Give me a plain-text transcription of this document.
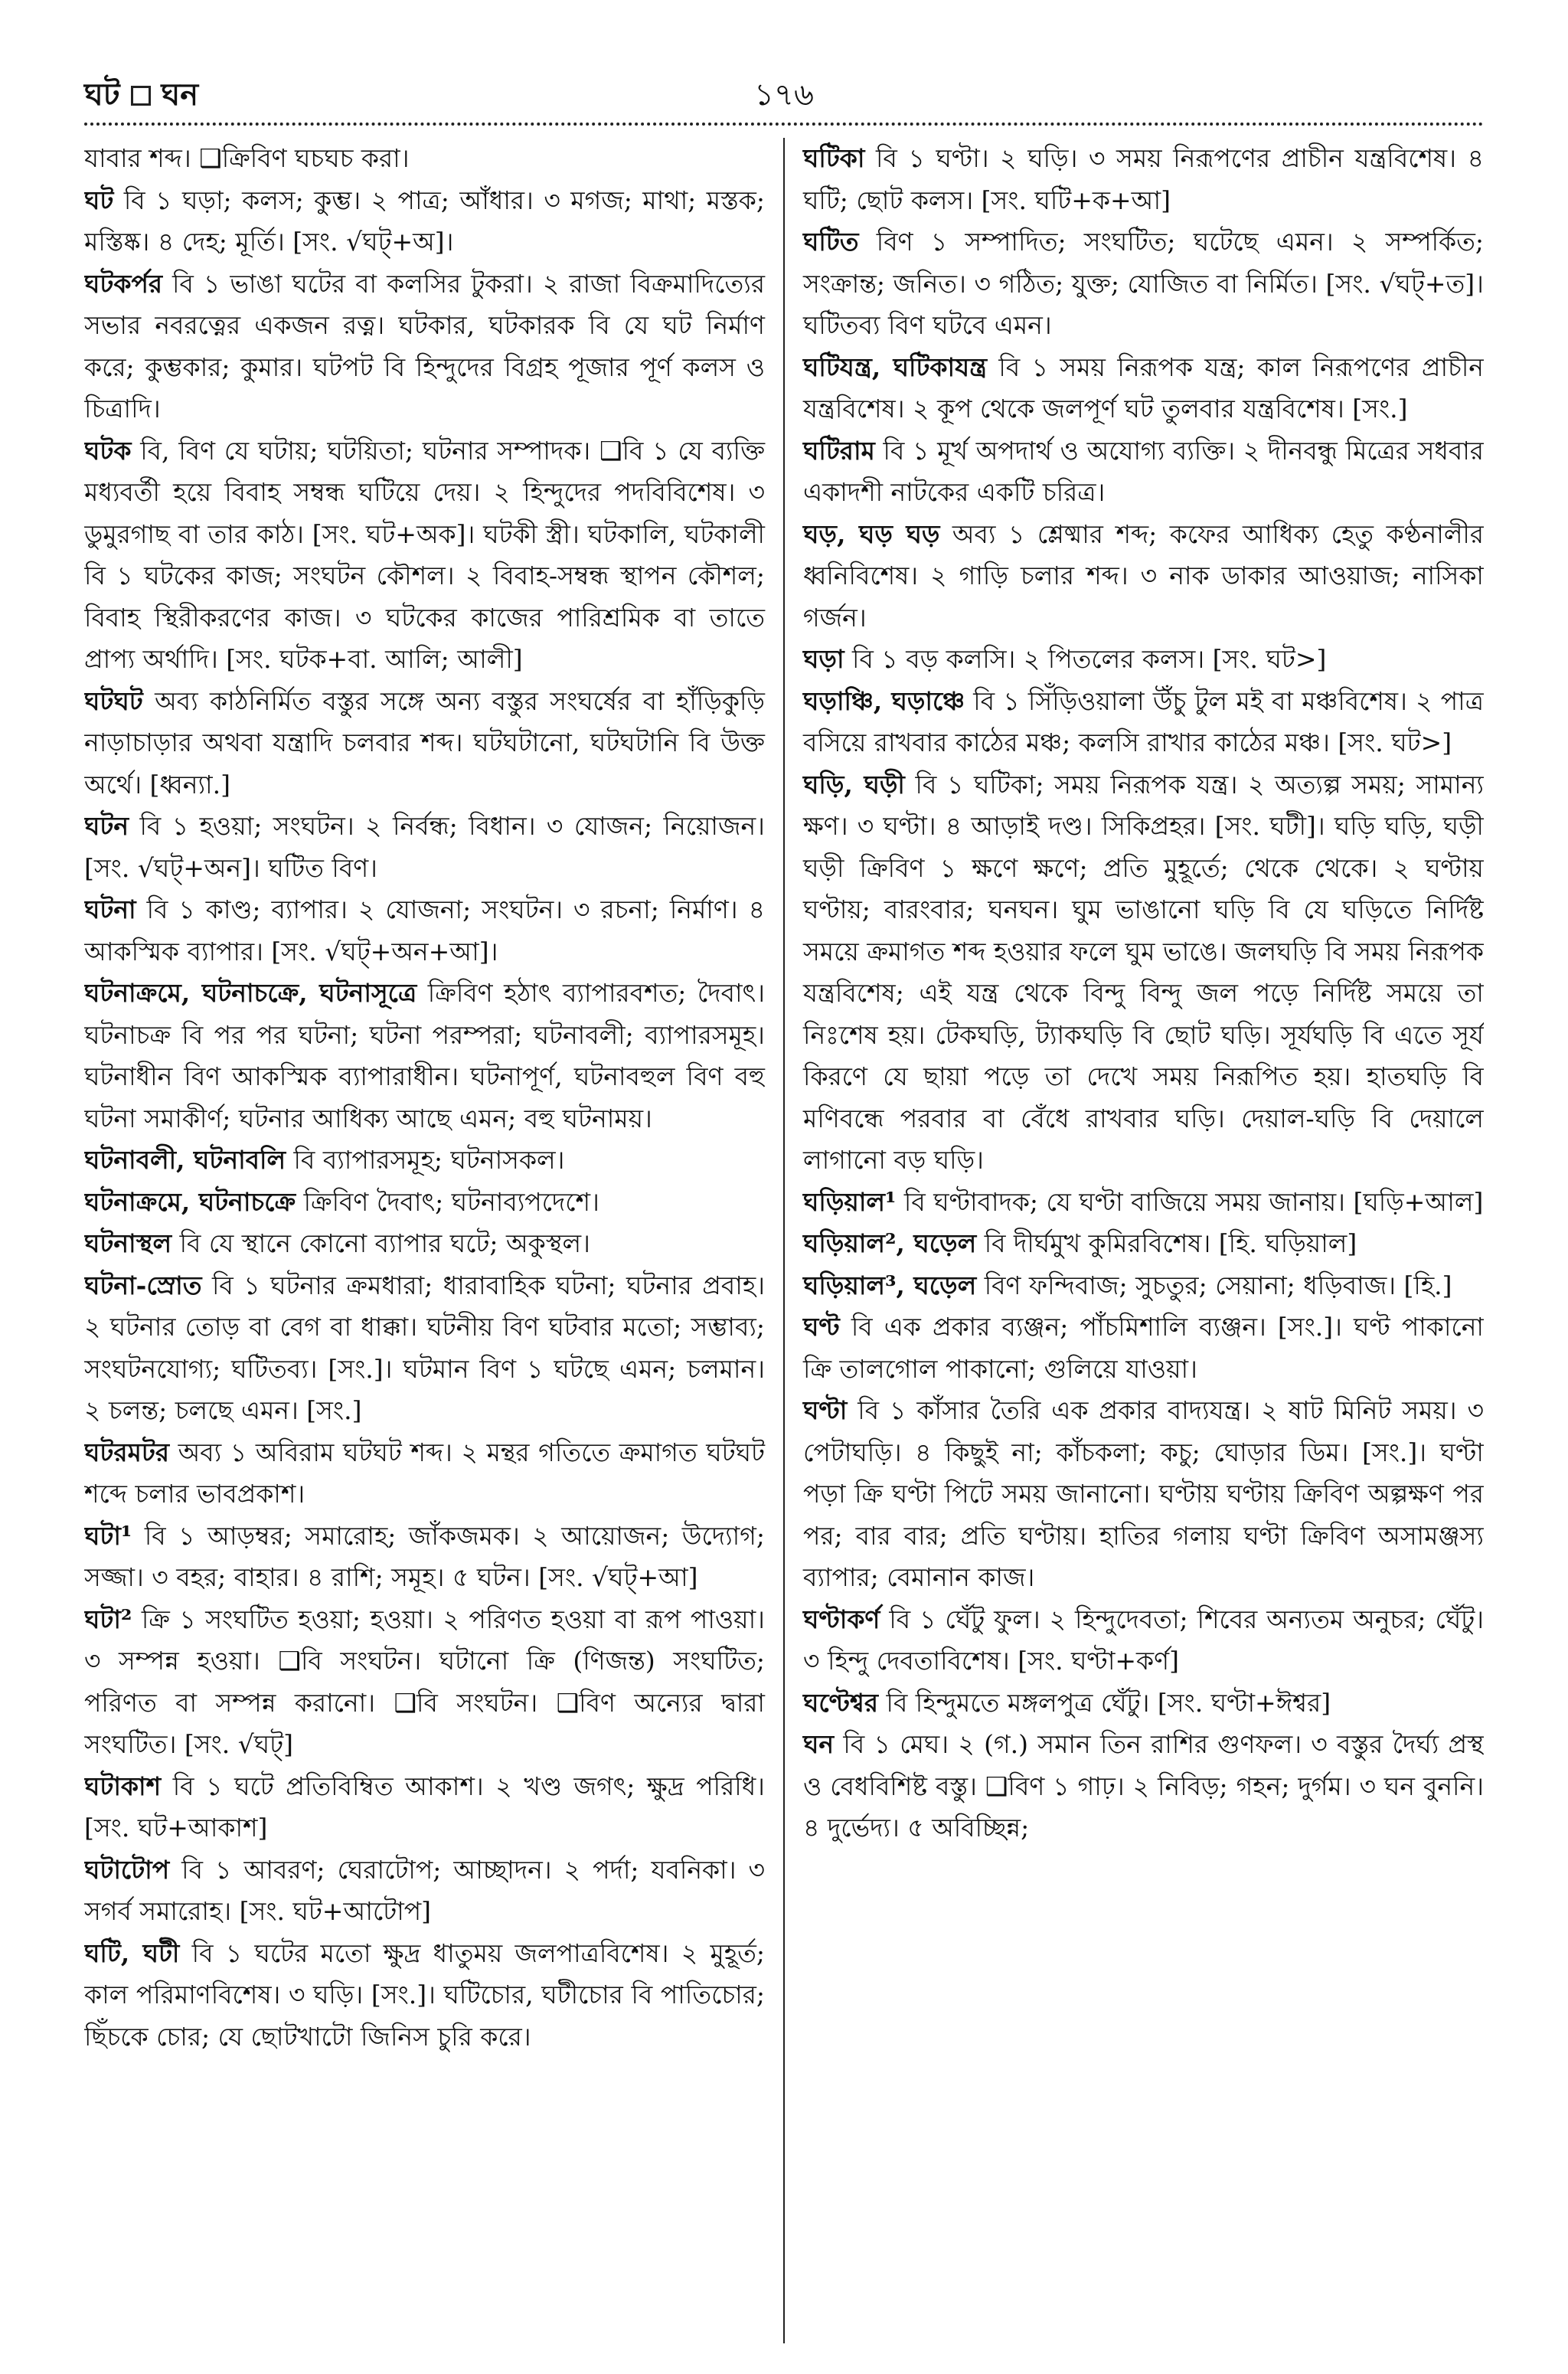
ঘট ঘন	১৭৬

যাবার শব্দ। ❑ক্রিবিণ ঘচঘচ করা।

ঘট বি ১ ঘড়া; কলস; কুম্ভ। ২ পাত্র; আঁধার। ৩ মগজ; মাথা; মস্তক; মস্তিষ্ক। ৪ দেহ; মূর্তি। [সং. √ঘট্+অ]।

ঘটকর্পর বি ১ ভাঙা ঘটের বা কলসির টুকরা। ২ রাজা বিক্রমাদিত্যের সভার নবরত্নের একজন রত্ন। ঘটকার, ঘটকারক বি যে ঘট নির্মাণ করে; কুম্ভকার; কুমার। ঘটপট বি হিন্দুদের বিগ্রহ পূজার পূর্ণ কলস ও চিত্রাদি।

ঘটক বি, বিণ যে ঘটায়; ঘটয়িতা; ঘটনার সম্পাদক। ❑বি ১ যে ব্যক্তি মধ্যবর্তী হয়ে বিবাহ সম্বন্ধ ঘটিয়ে দেয়। ২ হিন্দুদের পদবিবিশেষ। ৩ ডুমুরগাছ বা তার কাঠ। [সং. ঘট+অক]। ঘটকী স্ত্রী। ঘটকালি, ঘটকালী বি ১ ঘটকের কাজ; সংঘটন কৌশল। ২ বিবাহ-সম্বন্ধ স্থাপন কৌশল; বিবাহ স্থিরীকরণের কাজ। ৩ ঘটকের কাজের পারিশ্রমিক বা তাতে প্রাপ্য অর্থাদি। [সং. ঘটক+বা. আলি; আলী]

ঘটঘট অব্য কাঠনির্মিত বস্তুর সঙ্গে অন্য বস্তুর সংঘর্ষের বা হাঁড়িকুড়ি নাড়াচাড়ার অথবা যন্ত্রাদি চলবার শব্দ। ঘটঘটানো, ঘটঘটানি বি উক্ত অর্থে। [ধ্বন্যা.]

ঘটন বি ১ হওয়া; সংঘটন। ২ নির্বন্ধ; বিধান। ৩ যোজন; নিয়োজন। [সং. √ঘট্+অন]। ঘটিত বিণ।

ঘটনা বি ১ কাণ্ড; ব্যাপার। ২ যোজনা; সংঘটন। ৩ রচনা; নির্মাণ। ৪ আকস্মিক ব্যাপার। [সং. √ঘট্+অন+আ]।

ঘটনাক্রমে, ঘটনাচক্রে, ঘটনাসূত্রে ক্রিবিণ হঠাৎ ব্যাপারবশত; দৈবাৎ। ঘটনাচক্র বি পর পর ঘটনা; ঘটনা পরম্পরা; ঘটনাবলী; ব্যাপারসমূহ। ঘটনাধীন বিণ আকস্মিক ব্যাপারাধীন। ঘটনাপূর্ণ, ঘটনাবহুল বিণ বহু ঘটনা সমাকীর্ণ; ঘটনার আধিক্য আছে এমন; বহু ঘটনাময়।

ঘটনাবলী, ঘটনাবলি বি ব্যাপারসমূহ; ঘটনাসকল।

ঘটনাক্রমে, ঘটনাচক্রে ক্রিবিণ দৈবাৎ; ঘটনাব্যপদেশে।

ঘটনাস্থল বি যে স্থানে কোনো ব্যাপার ঘটে; অকুস্থল।

ঘটনা-স্রোত বি ১ ঘটনার ক্রমধারা; ধারাবাহিক ঘটনা; ঘটনার প্রবাহ। ২ ঘটনার তোড় বা বেগ বা ধাক্কা। ঘটনীয় বিণ ঘটবার মতো; সম্ভাব্য; সংঘটনযোগ্য; ঘটিতব্য। [সং.]। ঘটমান বিণ ১ ঘটছে এমন; চলমান। ২ চলন্ত; চলছে এমন। [সং.]

ঘটরমটর অব্য ১ অবিরাম ঘটঘট শব্দ। ২ মন্থর গতিতে ক্রমাগত ঘটঘট শব্দে চলার ভাবপ্রকাশ।

ঘটা¹ বি ১ আড়ম্বর; সমারোহ; জাঁকজমক। ২ আয়োজন; উদ্যোগ; সজ্জা। ৩ বহর; বাহার। ৪ রাশি; সমূহ। ৫ ঘটন। [সং. √ঘট্+আ]

ঘটা² ক্রি ১ সংঘটিত হওয়া; হওয়া। ২ পরিণত হওয়া বা রূপ পাওয়া। ৩ সম্পন্ন হওয়া। ❑বি সংঘটন। ঘটানো ক্রি (ণিজন্ত) সংঘটিত; পরিণত বা সম্পন্ন করানো। ❑বি সংঘটন। ❑বিণ অন্যের দ্বারা সংঘটিত। [সং. √ঘট্]

ঘটাকাশ বি ১ ঘটে প্রতিবিম্বিত আকাশ। ২ খণ্ড জগৎ; ক্ষুদ্র পরিধি। [সং. ঘট+আকাশ]

ঘটাটোপ বি ১ আবরণ; ঘেরাটোপ; আচ্ছাদন। ২ পর্দা; যবনিকা। ৩ সগর্ব সমারোহ। [সং. ঘট+আটোপ]

ঘটি, ঘটী বি ১ ঘটের মতো ক্ষুদ্র ধাতুময় জলপাত্রবিশেষ। ২ মুহূর্ত; কাল পরিমাণবিশেষ। ৩ ঘড়ি। [সং.]। ঘটিচোর, ঘটীচোর বি পাতিচোর; ছিঁচকে চোর; যে ছোটখাটো জিনিস চুরি করে।

ঘটিকা বি ১ ঘণ্টা। ২ ঘড়ি। ৩ সময় নিরূপণের প্রাচীন যন্ত্রবিশেষ। ৪ ঘটি; ছোট কলস। [সং. ঘটি+ক+আ]

ঘটিত বিণ ১ সম্পাদিত; সংঘটিত; ঘটেছে এমন। ২ সম্পর্কিত; সংক্রান্ত; জনিত। ৩ গঠিত; যুক্ত; যোজিত বা নির্মিত। [সং. √ঘট্+ত]। ঘটিতব্য বিণ ঘটবে এমন।

ঘটিযন্ত্র, ঘটিকাযন্ত্র বি ১ সময় নিরূপক যন্ত্র; কাল নিরূপণের প্রাচীন যন্ত্রবিশেষ। ২ কূপ থেকে জলপূর্ণ ঘট তুলবার যন্ত্রবিশেষ। [সং.]

ঘটিরাম বি ১ মূর্খ অপদার্থ ও অযোগ্য ব্যক্তি। ২ দীনবন্ধু মিত্রের সধবার একাদশী নাটকের একটি চরিত্র।

ঘড়, ঘড় ঘড় অব্য ১ শ্লেষ্মার শব্দ; কফের আধিক্য হেতু কণ্ঠনালীর ধ্বনিবিশেষ। ২ গাড়ি চলার শব্দ। ৩ নাক ডাকার আওয়াজ; নাসিকা গর্জন।

ঘড়া বি ১ বড় কলসি। ২ পিতলের কলস। [সং. ঘট>]

ঘড়াঞ্চি, ঘড়াঞ্চে বি ১ সিঁড়িওয়ালা উঁচু টুল মই বা মঞ্চবিশেষ। ২ পাত্র বসিয়ে রাখবার কাঠের মঞ্চ; কলসি রাখার কাঠের মঞ্চ। [সং. ঘট>]

ঘড়ি, ঘড়ী বি ১ ঘটিকা; সময় নিরূপক যন্ত্র। ২ অত্যল্প সময়; সামান্য ক্ষণ। ৩ ঘণ্টা। ৪ আড়াই দণ্ড। সিকিপ্রহর। [সং. ঘটী]। ঘড়ি ঘড়ি, ঘড়ী ঘড়ী ক্রিবিণ ১ ক্ষণে ক্ষণে; প্রতি মুহূর্তে; থেকে থেকে। ২ ঘণ্টায় ঘণ্টায়; বারংবার; ঘনঘন। ঘুম ভাঙানো ঘড়ি বি যে ঘড়িতে নির্দিষ্ট সময়ে ক্রমাগত শব্দ হওয়ার ফলে ঘুম ভাঙে। জলঘড়ি বি সময় নিরূপক যন্ত্রবিশেষ; এই যন্ত্র থেকে বিন্দু বিন্দু জল পড়ে নির্দিষ্ট সময়ে তা নিঃশেষ হয়। টেকঘড়ি, ট্যাকঘড়ি বি ছোট ঘড়ি। সূর্যঘড়ি বি এতে সূর্য কিরণে যে ছায়া পড়ে তা দেখে সময় নিরূপিত হয়। হাতঘড়ি বি মণিবন্ধে পরবার বা বেঁধে রাখবার ঘড়ি। দেয়াল-ঘড়ি বি দেয়ালে লাগানো বড় ঘড়ি।

ঘড়িয়াল¹ বি ঘণ্টাবাদক; যে ঘণ্টা বাজিয়ে সময় জানায়। [ঘড়ি+আল]

ঘড়িয়াল², ঘড়েল বি দীর্ঘমুখ কুমিরবিশেষ। [হি. ঘড়িয়াল]

ঘড়িয়াল³, ঘড়েল বিণ ফন্দিবাজ; সুচতুর; সেয়ানা; ধড়িবাজ। [হি.]

ঘণ্ট বি এক প্রকার ব্যঞ্জন; পাঁচমিশালি ব্যঞ্জন। [সং.]। ঘণ্ট পাকানো ক্রি তালগোল পাকানো; গুলিয়ে যাওয়া।

ঘণ্টা বি ১ কাঁসার তৈরি এক প্রকার বাদ্যযন্ত্র। ২ ষাট মিনিট সময়। ৩ পেটাঘড়ি। ৪ কিছুই না; কাঁচকলা; কচু; ঘোড়ার ডিম। [সং.]। ঘণ্টা পড়া ক্রি ঘণ্টা পিটে সময় জানানো। ঘণ্টায় ঘণ্টায় ক্রিবিণ অল্পক্ষণ পর পর; বার বার; প্রতি ঘণ্টায়। হাতির গলায় ঘণ্টা ক্রিবিণ অসামঞ্জস্য ব্যাপার; বেমানান কাজ।

ঘণ্টাকর্ণ বি ১ ঘেঁটু ফুল। ২ হিন্দুদেবতা; শিবের অন্যতম অনুচর; ঘেঁটু। ৩ হিন্দু দেবতাবিশেষ। [সং. ঘণ্টা+কর্ণ]

ঘণ্টেশ্বর বি হিন্দুমতে মঙ্গলপুত্র ঘেঁটু। [সং. ঘণ্টা+ঈশ্বর]

ঘন বি ১ মেঘ। ২ (গ.) সমান তিন রাশির গুণফল। ৩ বস্তুর দৈর্ঘ্য প্রস্থ ও বেধবিশিষ্ট বস্তু। ❑বিণ ১ গাঢ়। ২ নিবিড়; গহন; দুর্গম। ৩ ঘন বুননি। ৪ দুর্ভেদ্য। ৫ অবিচ্ছিন্ন;
